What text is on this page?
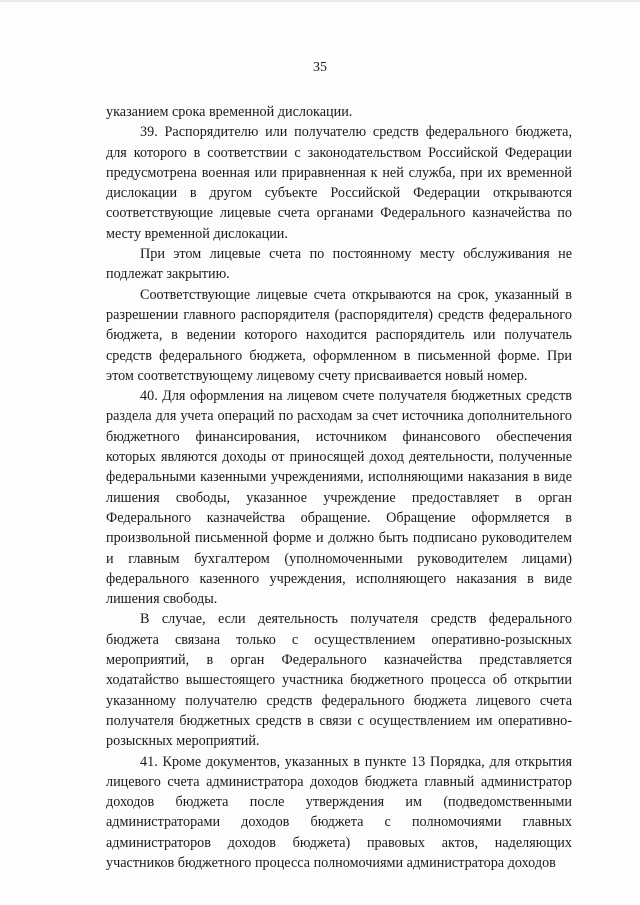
35

указанием срока временной дислокации.

39. Распорядителю или получателю средств федерального бюджета, для которого в соответствии с законодательством Российской Федерации предусмотрена военная или приравненная к ней служба, при их временной дислокации в другом субъекте Российской Федерации открываются соответствующие лицевые счета органами Федерального казначейства по месту временной дислокации.

При этом лицевые счета по постоянному месту обслуживания не подлежат закрытию.

Соответствующие лицевые счета открываются на срок, указанный в разрешении главного распорядителя (распорядителя) средств федерального бюджета, в ведении которого находится распорядитель или получатель средств федерального бюджета, оформленном в письменной форме. При этом соответствующему лицевому счету присваивается новый номер.

40. Для оформления на лицевом счете получателя бюджетных средств раздела для учета операций по расходам за счет источника дополнительного бюджетного финансирования, источником финансового обеспечения которых являются доходы от приносящей доход деятельности, полученные федеральными казенными учреждениями, исполняющими наказания в виде лишения свободы, указанное учреждение предоставляет в орган Федерального казначейства обращение. Обращение оформляется в произвольной письменной форме и должно быть подписано руководителем и главным бухгалтером (уполномоченными руководителем лицами) федерального казенного учреждения, исполняющего наказания в виде лишения свободы.

В случае, если деятельность получателя средств федерального бюджета связана только с осуществлением оперативно-розыскных мероприятий, в орган Федерального казначейства представляется ходатайство вышестоящего участника бюджетного процесса об открытии указанному получателю средств федерального бюджета лицевого счета получателя бюджетных средств в связи с осуществлением им оперативно-розыскных мероприятий.

41. Кроме документов, указанных в пункте 13 Порядка, для открытия лицевого счета администратора доходов бюджета главный администратор доходов бюджета после утверждения им (подведомственными администраторами доходов бюджета с полномочиями главных администраторов доходов бюджета) правовых актов, наделяющих участников бюджетного процесса полномочиями администратора доходов
